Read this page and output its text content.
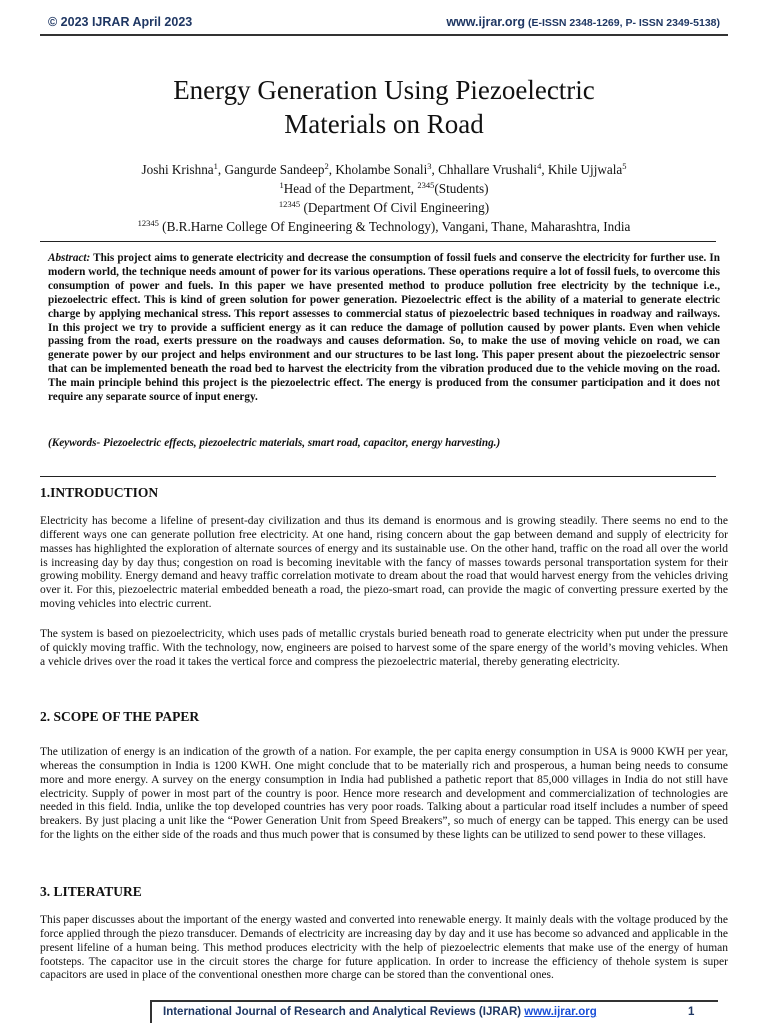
© 2023 IJRAR April 2023	www.ijrar.org (E-ISSN 2348-1269, P- ISSN 2349-5138)
Energy Generation Using Piezoelectric
Materials on Road
Joshi Krishna$^1$, Gangurde Sandeep$^2$, Kholambe Sonali$^3$, Chhallare Vrushali$^4$, Khile Ujjwala$^5$
$^1$Head of the Department, $^{2345}$(Students)
$^{12345}$ (Department Of Civil Engineering)
$^{12345}$ (B.R.Harne College Of Engineering & Technology), Vangani, Thane, Maharashtra, India
Abstract: This project aims to generate electricity and decrease the consumption of fossil fuels and conserve the electricity for further use. In modern world, the technique needs amount of power for its various operations. These operations require a lot of fossil fuels, to overcome this consumption of power and fuels. In this paper we have presented method to produce pollution free electricity by the technique i.e., piezoelectric effect. This is kind of green solution for power generation. Piezoelectric effect is the ability of a material to generate electric charge by applying mechanical stress. This report assesses to commercial status of piezoelectric based techniques in roadway and railways. In this project we try to provide a sufficient energy as it can reduce the damage of pollution caused by power plants. Even when vehicle passing from the road, exerts pressure on the roadways and causes deformation. So, to make the use of moving vehicle on road, we can generate power by our project and helps environment and our structures to be last long. This paper present about the piezoelectric sensor that can be implemented beneath the road bed to harvest the electricity from the vibration produced due to the vehicle moving on the road. The main principle behind this project is the piezoelectric effect. The energy is produced from the consumer participation and it does not require any separate source of input energy.
(Keywords- Piezoelectric effects, piezoelectric materials, smart road, capacitor, energy harvesting.)
1.INTRODUCTION
Electricity has become a lifeline of present-day civilization and thus its demand is enormous and is growing steadily. There seems no end to the different ways one can generate pollution free electricity. At one hand, rising concern about the gap between demand and supply of electricity for masses has highlighted the exploration of alternate sources of energy and its sustainable use. On the other hand, traffic on the road all over the world is increasing day by day thus; congestion on road is becoming inevitable with the fancy of masses towards personal transportation system for their growing mobility. Energy demand and heavy traffic correlation motivate to dream about the road that would harvest energy from the vehicles driving over it. For this, piezoelectric material embedded beneath a road, the piezo-smart road, can provide the magic of converting pressure exerted by the moving vehicles into electric current.
The system is based on piezoelectricity, which uses pads of metallic crystals buried beneath road to generate electricity when put under the pressure of quickly moving traffic. With the technology, now, engineers are poised to harvest some of the spare energy of the world’s moving vehicles. When a vehicle drives over the road it takes the vertical force and compress the piezoelectric material, thereby generating electricity.
2. SCOPE OF THE PAPER
The utilization of energy is an indication of the growth of a nation. For example, the per capita energy consumption in USA is 9000 KWH per year, whereas the consumption in India is 1200 KWH. One might conclude that to be materially rich and prosperous, a human being needs to consume more and more energy. A survey on the energy consumption in India had published a pathetic report that 85,000 villages in India do not still have electricity. Supply of power in most part of the country is poor. Hence more research and development and commercialization of technologies are needed in this field. India, unlike the top developed countries has very poor roads. Talking about a particular road itself includes a number of speed breakers. By just placing a unit like the “Power Generation Unit from Speed Breakers”, so much of energy can be tapped. This energy can be used for the lights on the either side of the roads and thus much power that is consumed by these lights can be utilized to send power to these villages.
3. LITERATURE
This paper discusses about the important of the energy wasted and converted into renewable energy. It mainly deals with the voltage produced by the force applied through the piezo transducer. Demands of electricity are increasing day by day and it use has become so advanced and applicable in the present lifeline of a human being. This method produces electricity with the help of piezoelectric elements that make use of the energy of human footsteps. The capacitor use in the circuit stores the charge for future application. In order to increase the efficiency of thehole system is super capacitors are used in place of the conventional onesthen more charge can be stored than the conventional ones.
International Journal of Research and Analytical Reviews (IJRAR) www.ijrar.org	1
